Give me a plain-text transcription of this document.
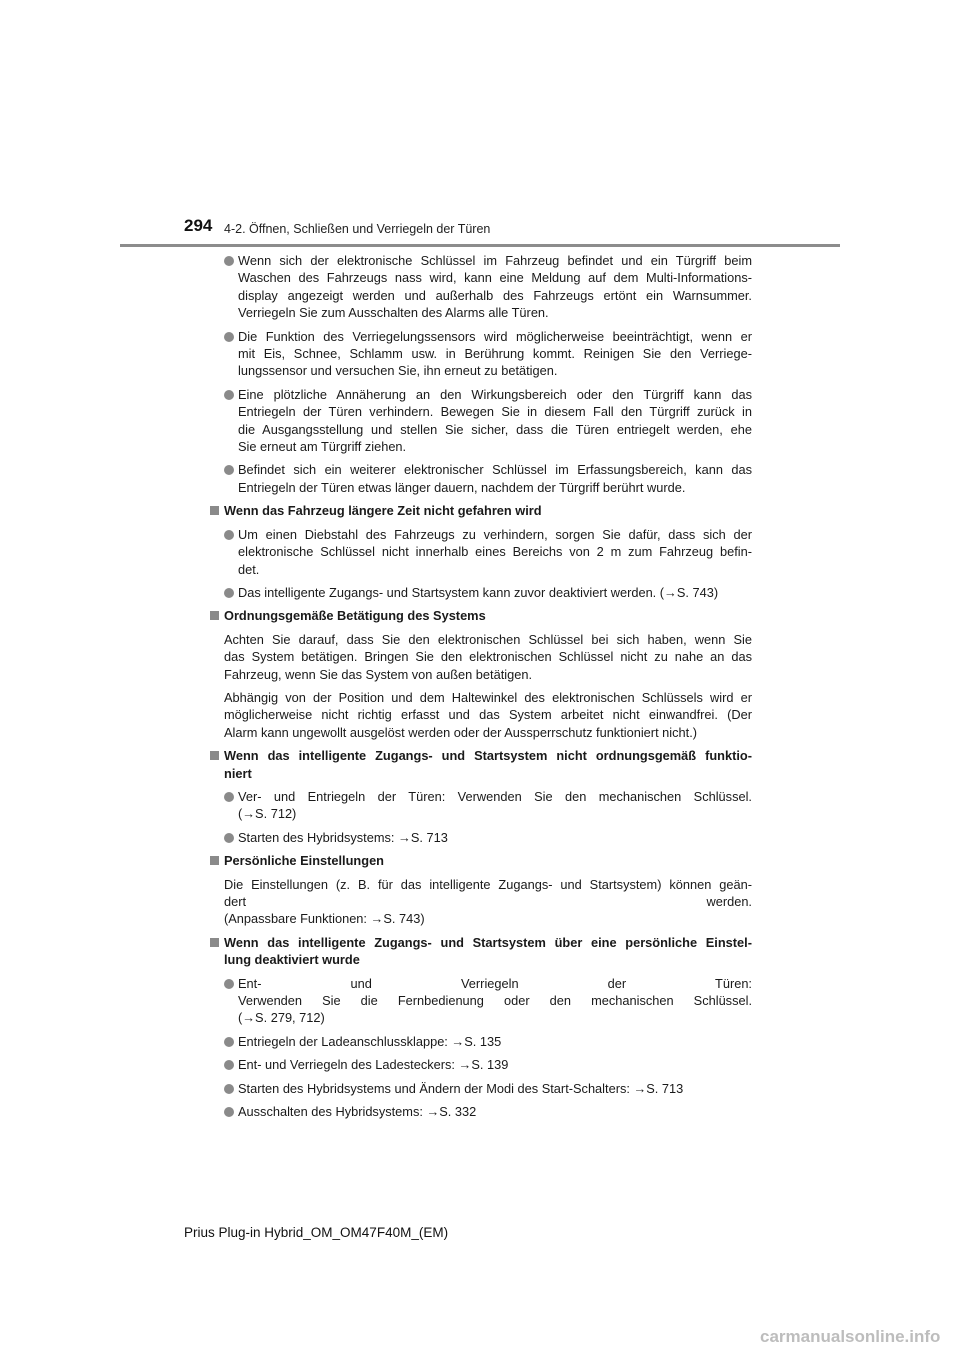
294 4-2. Öffnen, Schließen und Verriegeln der Türen
Wenn sich der elektronische Schlüssel im Fahrzeug befindet und ein Türgriff beim
Waschen des Fahrzeugs nass wird, kann eine Meldung auf dem Multi-Informations-
display angezeigt werden und außerhalb des Fahrzeugs ertönt ein Warnsummer.
Verriegeln Sie zum Ausschalten des Alarms alle Türen.
Die Funktion des Verriegelungssensors wird möglicherweise beeinträchtigt, wenn er
mit Eis, Schnee, Schlamm usw. in Berührung kommt. Reinigen Sie den Verriege-
lungssensor und versuchen Sie, ihn erneut zu betätigen.
Eine plötzliche Annäherung an den Wirkungsbereich oder den Türgriff kann das
Entriegeln der Türen verhindern. Bewegen Sie in diesem Fall den Türgriff zurück in
die Ausgangsstellung und stellen Sie sicher, dass die Türen entriegelt werden, ehe
Sie erneut am Türgriff ziehen.
Befindet sich ein weiterer elektronischer Schlüssel im Erfassungsbereich, kann das
Entriegeln der Türen etwas länger dauern, nachdem der Türgriff berührt wurde.
Wenn das Fahrzeug längere Zeit nicht gefahren wird
Um einen Diebstahl des Fahrzeugs zu verhindern, sorgen Sie dafür, dass sich der
elektronische Schlüssel nicht innerhalb eines Bereichs von 2 m zum Fahrzeug befin-
det.
Das intelligente Zugangs- und Startsystem kann zuvor deaktiviert werden. (→S. 743)
Ordnungsgemäße Betätigung des Systems
Achten Sie darauf, dass Sie den elektronischen Schlüssel bei sich haben, wenn Sie
das System betätigen. Bringen Sie den elektronischen Schlüssel nicht zu nahe an das
Fahrzeug, wenn Sie das System von außen betätigen.
Abhängig von der Position und dem Haltewinkel des elektronischen Schlüssels wird er
möglicherweise nicht richtig erfasst und das System arbeitet nicht einwandfrei. (Der
Alarm kann ungewollt ausgelöst werden oder der Aussperrschutz funktioniert nicht.)
Wenn das intelligente Zugangs- und Startsystem nicht ordnungsgemäß funktio-
niert
Ver- und Entriegeln der Türen: Verwenden Sie den mechanischen Schlüssel.
(→S. 712)
Starten des Hybridsystems: →S. 713
Persönliche Einstellungen
Die Einstellungen (z. B. für das intelligente Zugangs- und Startsystem) können geän-
dert werden.
(Anpassbare Funktionen: →S. 743)
Wenn das intelligente Zugangs- und Startsystem über eine persönliche Einstel-
lung deaktiviert wurde
Ent- und Verriegeln der Türen:
Verwenden Sie die Fernbedienung oder den mechanischen Schlüssel.
(→S. 279, 712)
Entriegeln der Ladeanschlussklappe: →S. 135
Ent- und Verriegeln des Ladesteckers: →S. 139
Starten des Hybridsystems und Ändern der Modi des Start-Schalters: →S. 713
Ausschalten des Hybridsystems: →S. 332
Prius Plug-in Hybrid_OM_OM47F40M_(EM)
carmanualsonline.info
